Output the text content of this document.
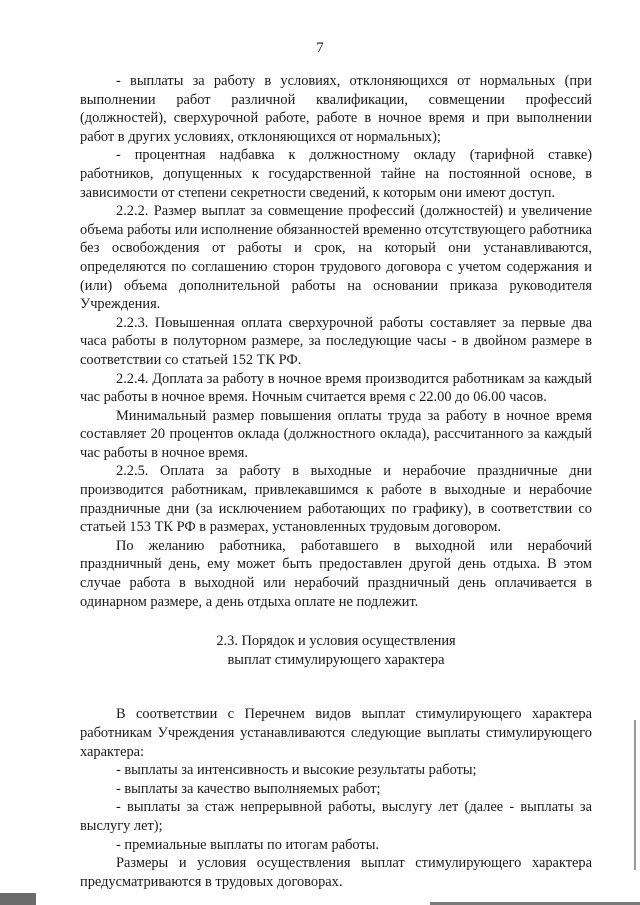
7

- выплаты за работу в условиях, отклоняющихся от нормальных (при выполнении работ различной квалификации, совмещении профессий (должностей), сверхурочной работе, работе в ночное время и при выполнении работ в других условиях, отклоняющихся от нормальных);

- процентная надбавка к должностному окладу (тарифной ставке) работников, допущенных к государственной тайне на постоянной основе, в зависимости от степени секретности сведений, к которым они имеют доступ.

2.2.2. Размер выплат за совмещение профессий (должностей) и увеличение объема работы или исполнение обязанностей временно отсутствующего работника без освобождения от работы и срок, на который они устанавливаются, определяются по соглашению сторон трудового договора с учетом содержания и (или) объема дополнительной работы на основании приказа руководителя Учреждения.

2.2.3. Повышенная оплата сверхурочной работы составляет за первые два часа работы в полуторном размере, за последующие часы - в двойном размере в соответствии со статьей 152 ТК РФ.

2.2.4. Доплата за работу в ночное время производится работникам за каждый час работы в ночное время. Ночным считается время с 22.00 до 06.00 часов.

Минимальный размер повышения оплаты труда за работу в ночное время составляет 20 процентов оклада (должностного оклада), рассчитанного за каждый час работы в ночное время.

2.2.5. Оплата за работу в выходные и нерабочие праздничные дни производится работникам, привлекавшимся к работе в выходные и нерабочие праздничные дни (за исключением работающих по графику), в соответствии со статьей 153 ТК РФ в размерах, установленных трудовым договором.

По желанию работника, работавшего в выходной или нерабочий праздничный день, ему может быть предоставлен другой день отдыха. В этом случае работа в выходной или нерабочий праздничный день оплачивается в одинарном размере, а день отдыха оплате не подлежит.

2.3. Порядок и условия осуществления
выплат стимулирующего характера

В соответствии с Перечнем видов выплат стимулирующего характера работникам Учреждения устанавливаются следующие выплаты стимулирующего характера:

- выплаты за интенсивность и высокие результаты работы;

- выплаты за качество выполняемых работ;

- выплаты за стаж непрерывной работы, выслугу лет (далее - выплаты за выслугу лет);

- премиальные выплаты по итогам работы.

Размеры и условия осуществления выплат стимулирующего характера предусматриваются в трудовых договорах.
